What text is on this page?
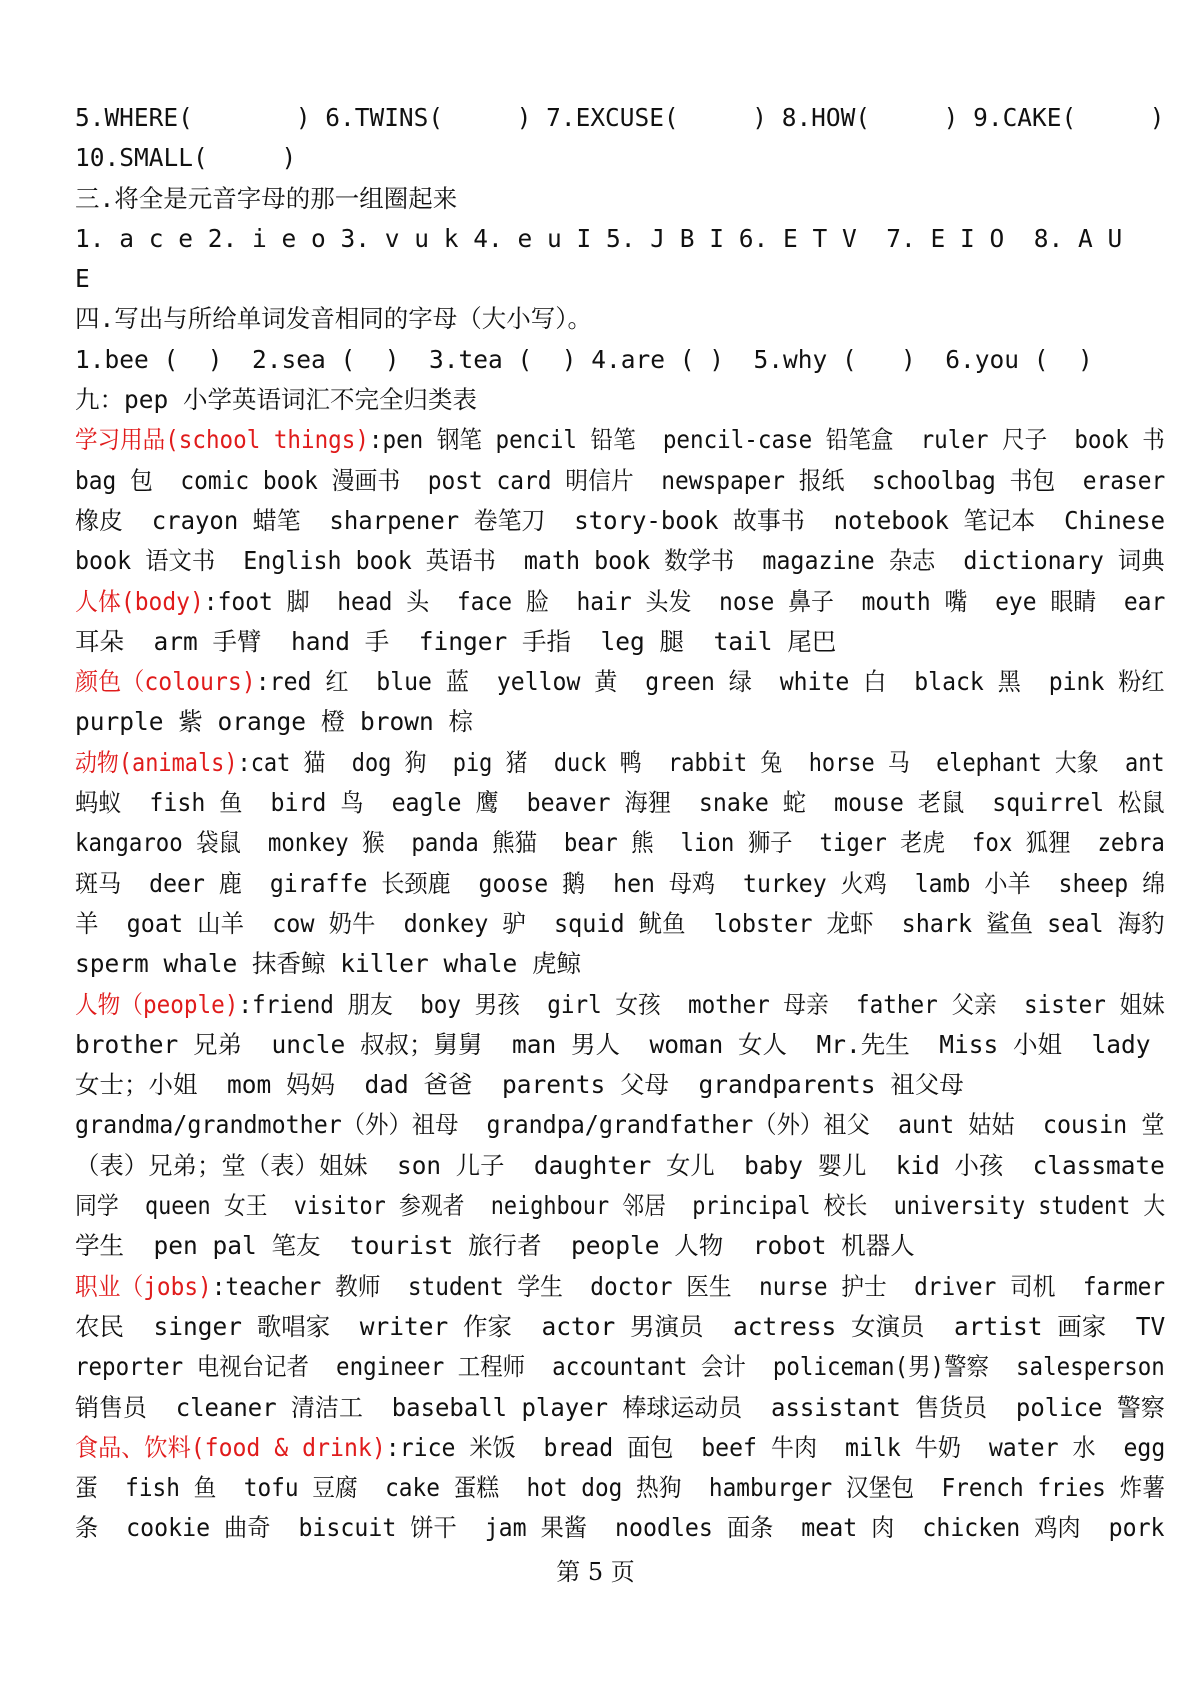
5.WHERE(       ) 6.TWINS(     ) 7.EXCUSE(     ) 8.HOW(     ) 9.CAKE(     )
10.SMALL(     )
三.将全是元音字母的那一组圈起来
1. a c e 2. i e o 3. v u k 4. e u I 5. J B I 6. E T V  7. E I O  8. A U
E
四.写出与所给单词发音相同的字母（大小写）。
1.bee (  )  2.sea (  )  3.tea (  ) 4.are ( )  5.why (   )  6.you (  )
九：pep 小学英语词汇不完全归类表
学习用品(school things):pen 钢笔 pencil 铅笔  pencil-case 铅笔盒  ruler 尺子  book 书
bag 包  comic book 漫画书  post card 明信片  newspaper 报纸  schoolbag 书包  eraser
橡皮  crayon 蜡笔  sharpener 卷笔刀  story-book 故事书  notebook 笔记本  Chinese
book 语文书  English book 英语书  math book 数学书  magazine 杂志  dictionary 词典
人体(body):foot 脚  head 头  face 脸  hair 头发  nose 鼻子  mouth 嘴  eye 眼睛  ear
耳朵  arm 手臂  hand 手  finger 手指  leg 腿  tail 尾巴
颜色（colours):red 红  blue 蓝  yellow 黄  green 绿  white 白  black 黑  pink 粉红
purple 紫 orange 橙 brown 棕
动物(animals):cat 猫  dog 狗  pig 猪  duck 鸭  rabbit 兔  horse 马  elephant 大象  ant
蚂蚁  fish 鱼  bird 鸟  eagle 鹰  beaver 海狸  snake 蛇  mouse 老鼠  squirrel 松鼠
kangaroo 袋鼠  monkey 猴  panda 熊猫  bear 熊  lion 狮子  tiger 老虎  fox 狐狸  zebra
斑马  deer 鹿  giraffe 长颈鹿  goose 鹅  hen 母鸡  turkey 火鸡  lamb 小羊  sheep 绵
羊  goat 山羊  cow 奶牛  donkey 驴  squid 鱿鱼  lobster 龙虾  shark 鲨鱼 seal 海豹
sperm whale 抹香鲸 killer whale 虎鲸
人物（people):friend 朋友  boy 男孩  girl 女孩  mother 母亲  father 父亲  sister 姐妹
brother 兄弟  uncle 叔叔；舅舅  man 男人  woman 女人  Mr.先生  Miss 小姐  lady
女士；小姐  mom 妈妈  dad 爸爸  parents 父母  grandparents 祖父母
grandma/grandmother（外）祖母  grandpa/grandfather（外）祖父  aunt 姑姑  cousin 堂
（表）兄弟；堂（表）姐妹  son 儿子  daughter 女儿  baby 婴儿  kid 小孩  classmate
同学  queen 女王  visitor 参观者  neighbour 邻居  principal 校长  university student 大
学生  pen pal 笔友  tourist 旅行者  people 人物  robot 机器人
职业（jobs):teacher 教师  student 学生  doctor 医生  nurse 护士  driver 司机  farmer
农民  singer 歌唱家  writer 作家  actor 男演员  actress 女演员  artist 画家  TV
reporter 电视台记者  engineer 工程师  accountant 会计  policeman(男)警察  salesperson
销售员  cleaner 清洁工  baseball player 棒球运动员  assistant 售货员  police 警察
食品、饮料(food & drink):rice 米饭  bread 面包  beef 牛肉  milk 牛奶  water 水  egg
蛋  fish 鱼  tofu 豆腐  cake 蛋糕  hot dog 热狗  hamburger 汉堡包  French fries 炸薯
条  cookie 曲奇  biscuit 饼干  jam 果酱  noodles 面条  meat 肉  chicken 鸡肉  pork
第 5 页
